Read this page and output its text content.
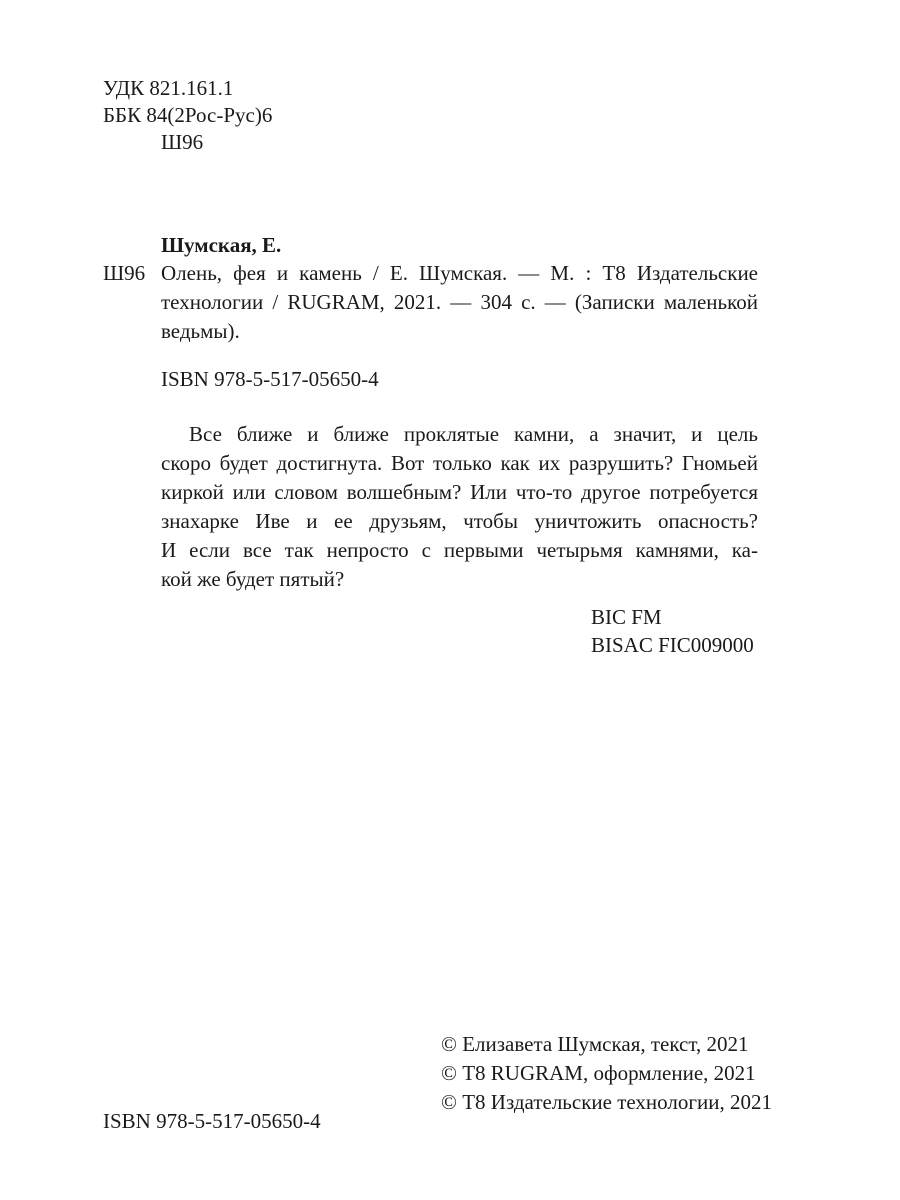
УДК 821.161.1
ББК 84(2Рос-Рус)6
Ш96
Шумская, Е.
Ш96 Олень, фея и камень / Е. Шумская. — М. : Т8 Издательские
технологии / RUGRAM, 2021. — 304 с. — (Записки маленькой
ведьмы).
ISBN 978-5-517-05650-4
Все ближе и ближе проклятые камни, а значит, и цель
скоро будет достигнута. Вот только как их разрушить? Гномьей
киркой или словом волшебным? Или что-то другое потребуется
знахарке Иве и ее друзьям, чтобы уничтожить опасность?
И если все так непросто с первыми четырьмя камнями, ка-
кой же будет пятый?
BIC FM
BISAC FIC009000
© Елизавета Шумская, текст, 2021
© Т8 RUGRAM, оформление, 2021
© Т8 Издательские технологии, 2021
ISBN 978-5-517-05650-4
